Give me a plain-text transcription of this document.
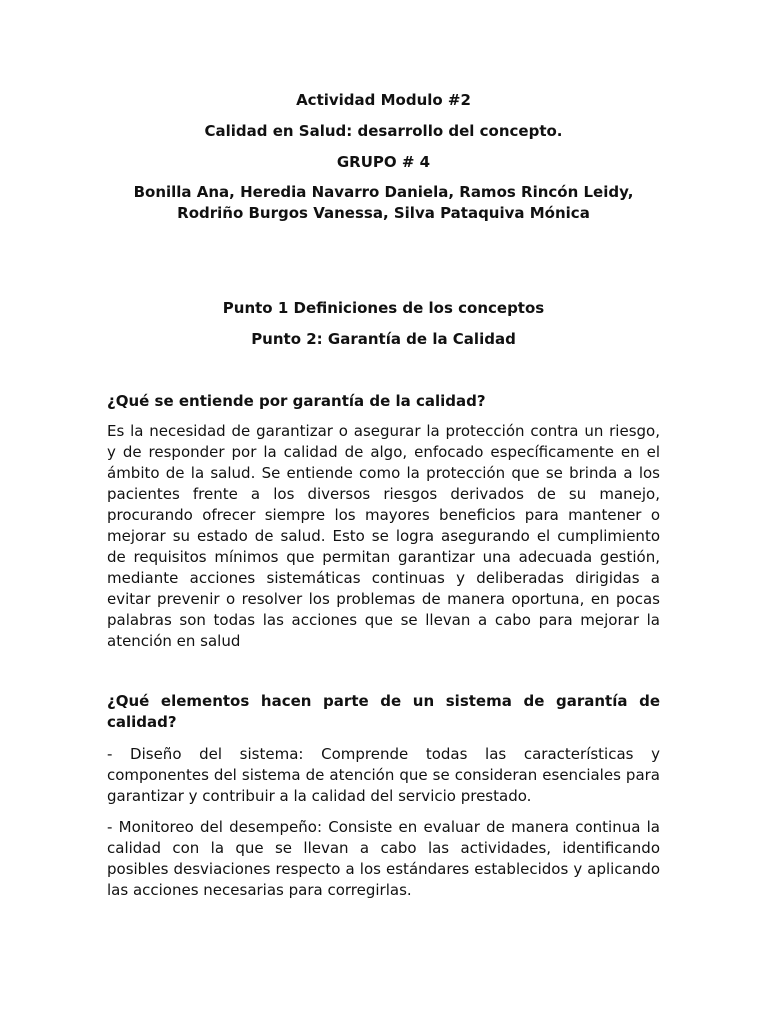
Actividad Modulo #2

Calidad en Salud: desarrollo del concepto.

GRUPO # 4

Bonilla Ana, Heredia Navarro Daniela, Ramos Rincón Leidy, Rodriño Burgos Vanessa, Silva Pataquiva Mónica

Punto 1 Definiciones de los conceptos

Punto 2: Garantía de la Calidad

¿Qué se entiende por garantía de la calidad?

Es la necesidad de garantizar o asegurar la protección contra un riesgo, y de responder por la calidad de algo, enfocado específicamente en el ámbito de la salud. Se entiende como la protección que se brinda a los pacientes frente a los diversos riesgos derivados de su manejo, procurando ofrecer siempre los mayores beneficios para mantener o mejorar su estado de salud. Esto se logra asegurando el cumplimiento de requisitos mínimos que permitan garantizar una adecuada gestión, mediante acciones sistemáticas continuas y deliberadas dirigidas a evitar prevenir o resolver los problemas de manera oportuna, en pocas palabras son todas las acciones que se llevan a cabo para mejorar la atención en salud

¿Qué elementos hacen parte de un sistema de garantía de calidad?

- Diseño del sistema: Comprende todas las características y componentes del sistema de atención que se consideran esenciales para garantizar y contribuir a la calidad del servicio prestado.

- Monitoreo del desempeño: Consiste en evaluar de manera continua la calidad con la que se llevan a cabo las actividades, identificando posibles desviaciones respecto a los estándares establecidos y aplicando las acciones necesarias para corregirlas.
